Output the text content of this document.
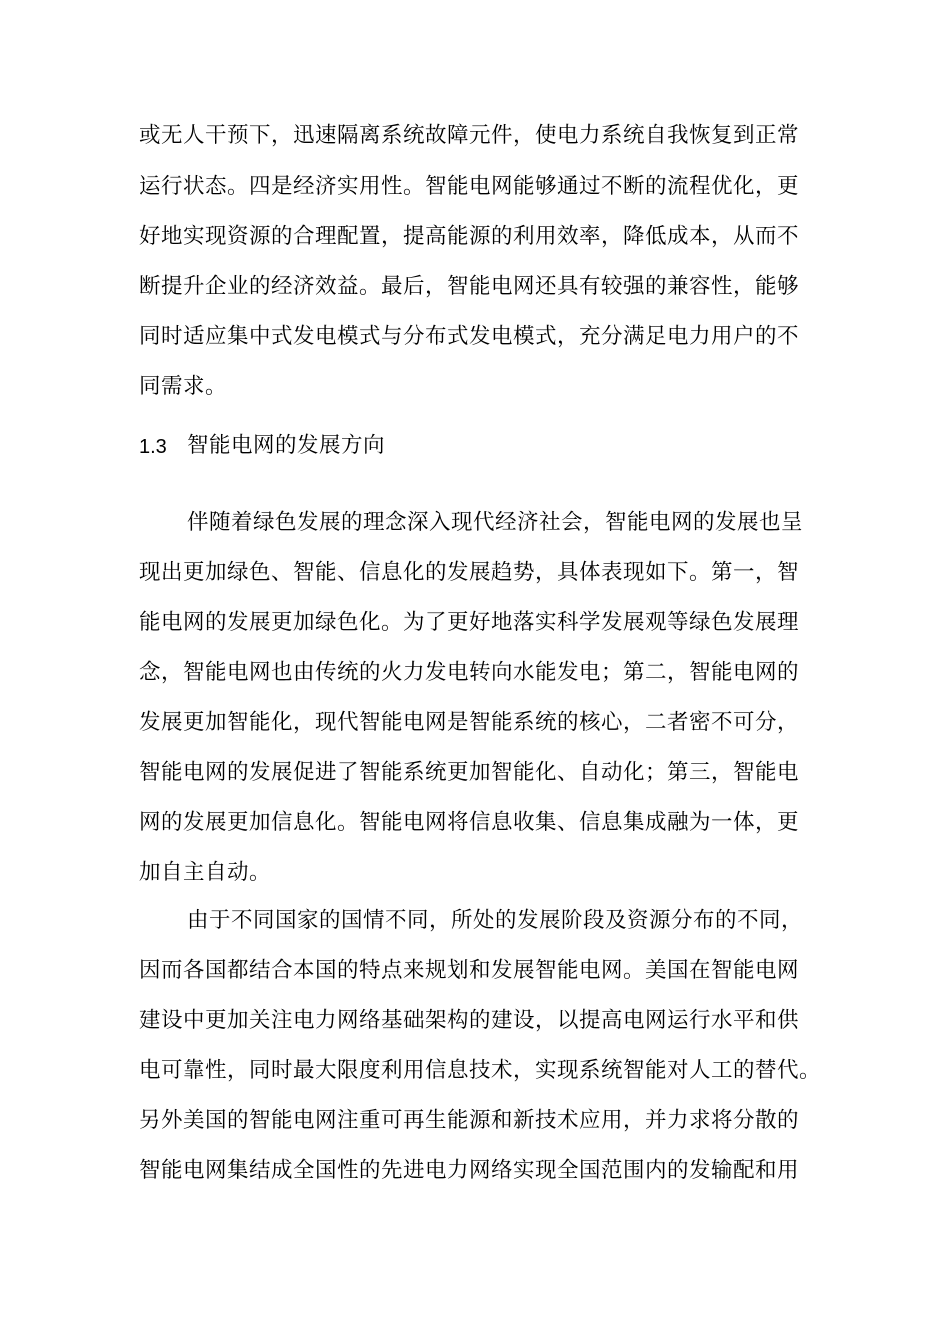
或无人干预下，迅速隔离系统故障元件，使电力系统自我恢复到正常
运行状态。四是经济实用性。智能电网能够通过不断的流程优化，更
好地实现资源的合理配置，提高能源的利用效率，降低成本，从而不
断提升企业的经济效益。最后，智能电网还具有较强的兼容性，能够
同时适应集中式发电模式与分布式发电模式，充分满足电力用户的不
同需求。
1.3 智能电网的发展方向
伴随着绿色发展的理念深入现代经济社会，智能电网的发展也呈
现出更加绿色、智能、信息化的发展趋势，具体表现如下。第一，智
能电网的发展更加绿色化。为了更好地落实科学发展观等绿色发展理
念，智能电网也由传统的火力发电转向水能发电；第二，智能电网的
发展更加智能化，现代智能电网是智能系统的核心，二者密不可分，
智能电网的发展促进了智能系统更加智能化、自动化；第三，智能电
网的发展更加信息化。智能电网将信息收集、信息集成融为一体，更
加自主自动。
由于不同国家的国情不同，所处的发展阶段及资源分布的不同，
因而各国都结合本国的特点来规划和发展智能电网。美国在智能电网
建设中更加关注电力网络基础架构的建设，以提高电网运行水平和供
电可靠性，同时最大限度利用信息技术，实现系统智能对人工的替代。
另外美国的智能电网注重可再生能源和新技术应用，并力求将分散的
智能电网集结成全国性的先进电力网络实现全国范围内的发输配和用
